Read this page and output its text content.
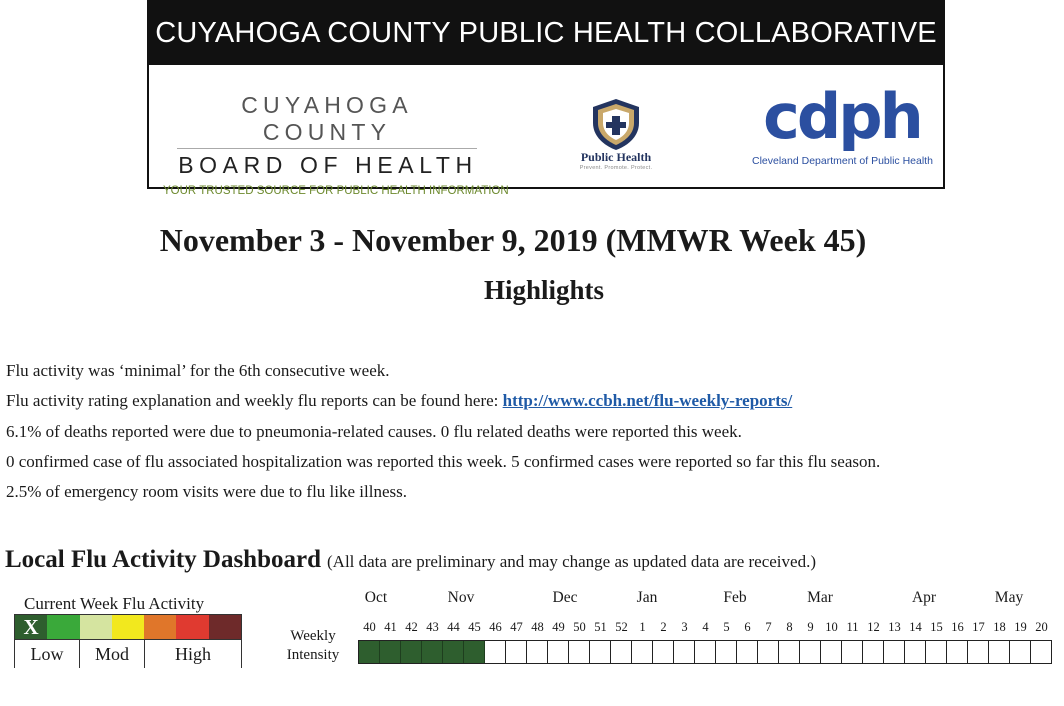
CUYAHOGA COUNTY PUBLIC HEALTH COLLABORATIVE
CUYAHOGA COUNTY
BOARD OF HEALTH
YOUR TRUSTED SOURCE FOR PUBLIC HEALTH INFORMATION
Public Health
Prevent. Promote. Protect.
cdph
Cleveland Department of Public Health
November 3 - November 9, 2019 (MMWR Week 45)
Highlights
Flu activity was ‘minimal’ for the 6th consecutive week.
Flu activity rating explanation and weekly flu reports can be found here: http://www.ccbh.net/flu-weekly-reports/
6.1% of deaths reported were due to pneumonia-related causes. 0 flu related deaths were reported this week.
0 confirmed case of flu associated hospitalization was reported this week. 5 confirmed cases were reported so far this flu season.
2.5% of emergency room visits were due to flu like illness.
Local Flu Activity Dashboard (All data are preliminary and may change as updated data are received.)
Current Week Flu Activity
X
Low	Mod	High
Weekly
Intensity
Oct	Nov	Dec	Jan	Feb	Mar	Apr	May
40 41 42 43 44 45 46 47 48 49 50 51 52 1	2	3	4	5	6	7	8	9 10 11 12 13 14 15 16 17 18 19 20
